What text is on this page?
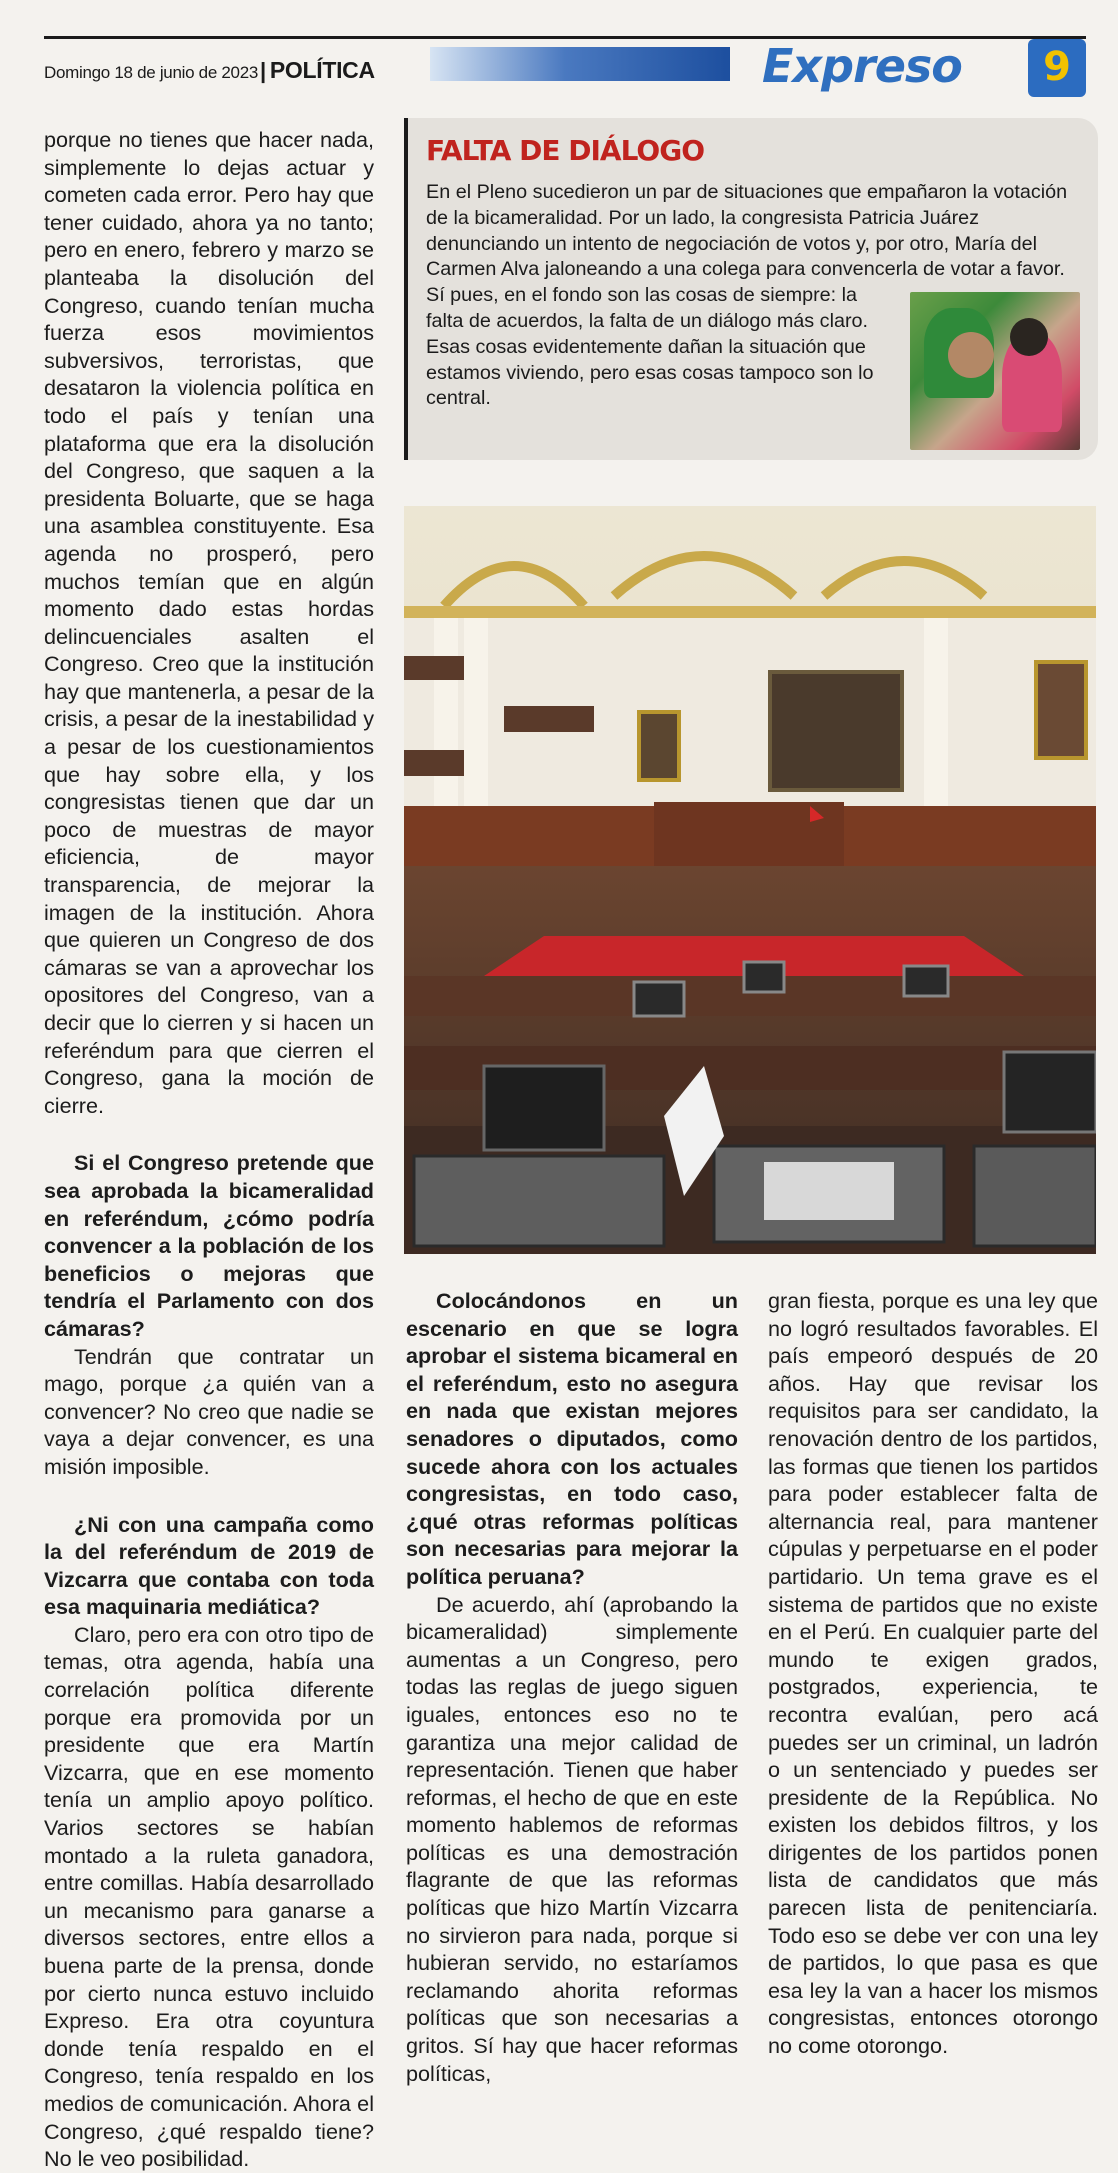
Domingo 18 de junio de 2023| POLÍTICA	Expreso	9

porque no tienes que hacer nada, simplemente lo dejas actuar y cometen cada error. Pero hay que tener cuidado, ahora ya no tanto; pero en enero, febrero y marzo se planteaba la disolución del Congreso, cuando tenían mucha fuerza esos movimientos subversivos, terroristas, que desataron la violencia política en todo el país y tenían una plataforma que era la disolución del Congreso, que saquen a la presidenta Boluarte, que se haga una asamblea constituyente. Esa agenda no prosperó, pero muchos temían que en algún momento dado estas hordas delincuenciales asalten el Congreso. Creo que la institución hay que mantenerla, a pesar de la crisis, a pesar de la inestabilidad y a pesar de los cuestionamientos que hay sobre ella, y los congresistas tienen que dar un poco de muestras de mayor eficiencia, de mayor transparencia, de mejorar la imagen de la institución. Ahora que quieren un Congreso de dos cámaras se van a aprovechar los opositores del Congreso, van a decir que lo cierren y si hacen un referéndum para que cierren el Congreso, gana la moción de cierre.

Si el Congreso pretende que sea aprobada la bicameralidad en referéndum, ¿cómo podría convencer a la población de los beneficios o mejoras que tendría el Parlamento con dos cámaras?

Tendrán que contratar un mago, porque ¿a quién van a convencer? No creo que nadie se vaya a dejar convencer, es una misión imposible.

¿Ni con una campaña como la del referéndum de 2019 de Vizcarra que contaba con toda esa maquinaria mediática?

Claro, pero era con otro tipo de temas, otra agenda, había una correlación política diferente porque era promovida por un presidente que era Martín Vizcarra, que en ese momento tenía un amplio apoyo político. Varios sectores se habían montado a la ruleta ganadora, entre comillas. Había desarrollado un mecanismo para ganarse a diversos sectores, entre ellos a buena parte de la prensa, donde por cierto nunca estuvo incluido Expreso. Era otra coyuntura donde tenía respaldo en el Congreso, tenía respaldo en los medios de comunicación. Ahora el Congreso, ¿qué respaldo tiene? No le veo posibilidad.

FALTA DE DIÁLOGO

En el Pleno sucedieron un par de situaciones que empañaron la votación de la bicameralidad. Por un lado, la congresista Patricia Juárez denunciando un intento de negociación de votos y, por otro, María del Carmen Alva jaloneando a una colega para convencerla de votar a favor.

Sí pues, en el fondo son las cosas de siempre: la falta de acuerdos, la falta de un diálogo más claro. Esas cosas evidentemente dañan la situación que estamos viviendo, pero esas cosas tampoco son lo central.

Colocándonos en un escenario en que se logra aprobar el sistema bicameral en el referéndum, esto no asegura en nada que existan mejores senadores o diputados, como sucede ahora con los actuales congresistas, en todo caso, ¿qué otras reformas políticas son necesarias para mejorar la política peruana?

De acuerdo, ahí (aprobando la bicameralidad) simplemente aumentas a un Congreso, pero todas las reglas de juego siguen iguales, entonces eso no te garantiza una mejor calidad de representación. Tienen que haber reformas, el hecho de que en este momento hablemos de reformas políticas es una demostración flagrante de que las reformas políticas que hizo Martín Vizcarra no sirvieron para nada, porque si hubieran servido, no estaríamos reclamando ahorita reformas políticas que son necesarias a gritos. Sí hay que hacer reformas políticas,

gran fiesta, porque es una ley que no logró resultados favorables. El país empeoró después de 20 años. Hay que revisar los requisitos para ser candidato, la renovación dentro de los partidos, las formas que tienen los partidos para poder establecer falta de alternancia real, para mantener cúpulas y perpetuarse en el poder partidario. Un tema grave es el sistema de partidos que no existe en el Perú. En cualquier parte del mundo te exigen grados, postgrados, experiencia, te recontra evalúan, pero acá puedes ser un criminal, un ladrón o un sentenciado y puedes ser presidente de la República. No existen los debidos filtros, y los dirigentes de los partidos ponen lista de candidatos que más parecen lista de penitenciaría. Todo eso se debe ver con una ley de partidos, lo que pasa es que esa ley la van a hacer los mismos congresistas, entonces otorongo no come otorongo.
